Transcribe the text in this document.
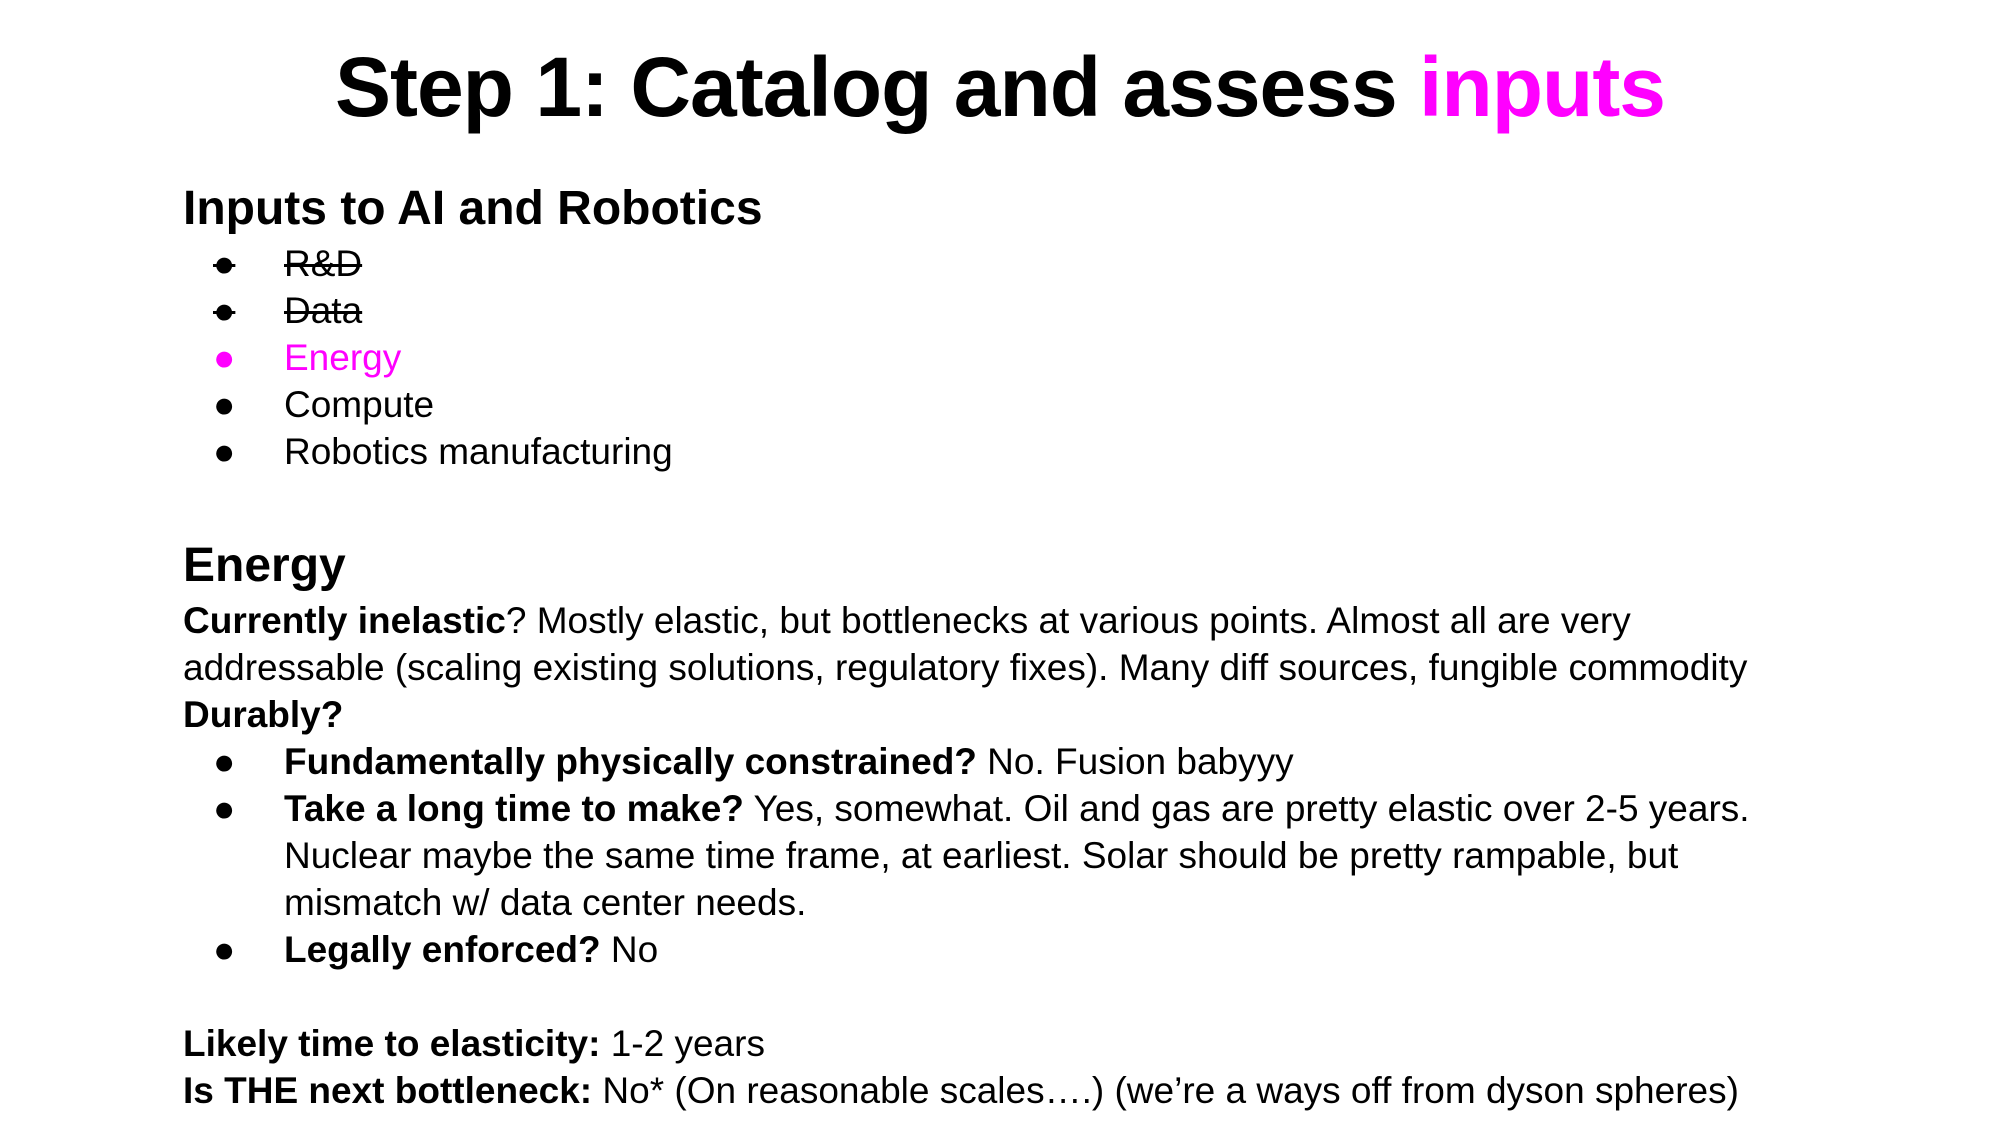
Step 1: Catalog and assess inputs
Inputs to AI and Robotics
●	R&D
●	Data
●	Energy
●	Compute
●	Robotics manufacturing
Energy
Currently inelastic? Mostly elastic, but bottlenecks at various points. Almost all are very
addressable (scaling existing solutions, regulatory fixes). Many diff sources, fungible commodity
Durably?
● Fundamentally physically constrained? No. Fusion babyyy
● Take a long time to make? Yes, somewhat. Oil and gas are pretty elastic over 2-5 years.
Nuclear maybe the same time frame, at earliest. Solar should be pretty rampable, but
mismatch w/ data center needs.
● Legally enforced? No
Likely time to elasticity: 1-2 years
Is THE next bottleneck: No* (On reasonable scales….) (we’re a ways off from dyson spheres)
